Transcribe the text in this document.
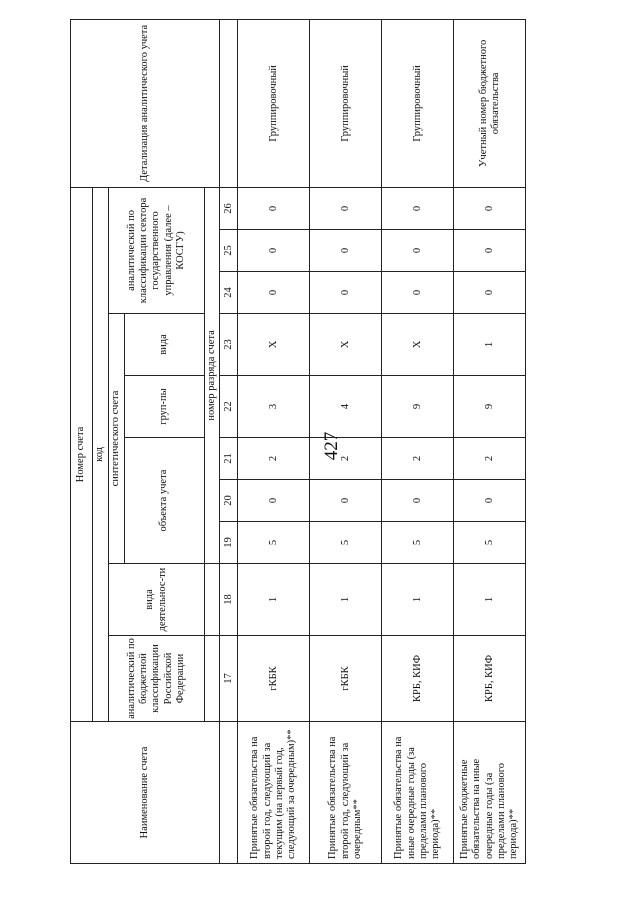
427
Наименование счета	Номер счета										Детализация аналитического учета
	код										
	аналитический по бюджетной классификации Российской Федерации	вида деятельнос-ти	синтетического счета					аналитический по классификации сектора государственного управления (далее – КОСГУ)			
			объекта учета			груп-пы	вида				
			номер разряда счета								
	17	18	19	20	21	22	23	24	25	26	
Принятые обязательства на второй год, следующий за текущим (на первый год, следующий за очередным)**	гКБК	1	5	0	2	3	Х	0	0	0	Группировочный
Принятые обязательства на второй год, следующий за очередным**	гКБК	1	5	0	2	4	Х	0	0	0	Группировочный
Принятые обязательства на иные очередные годы (за пределами планового периода)**	КРБ, КИФ	1	5	0	2	9	Х	0	0	0	Группировочный
Принятые бюджетные обязательства на иные очередные годы (за пределами планового периода)**	КРБ, КИФ	1	5	0	2	9	1	0	0	0	Учетный номер бюджетного обязательства
